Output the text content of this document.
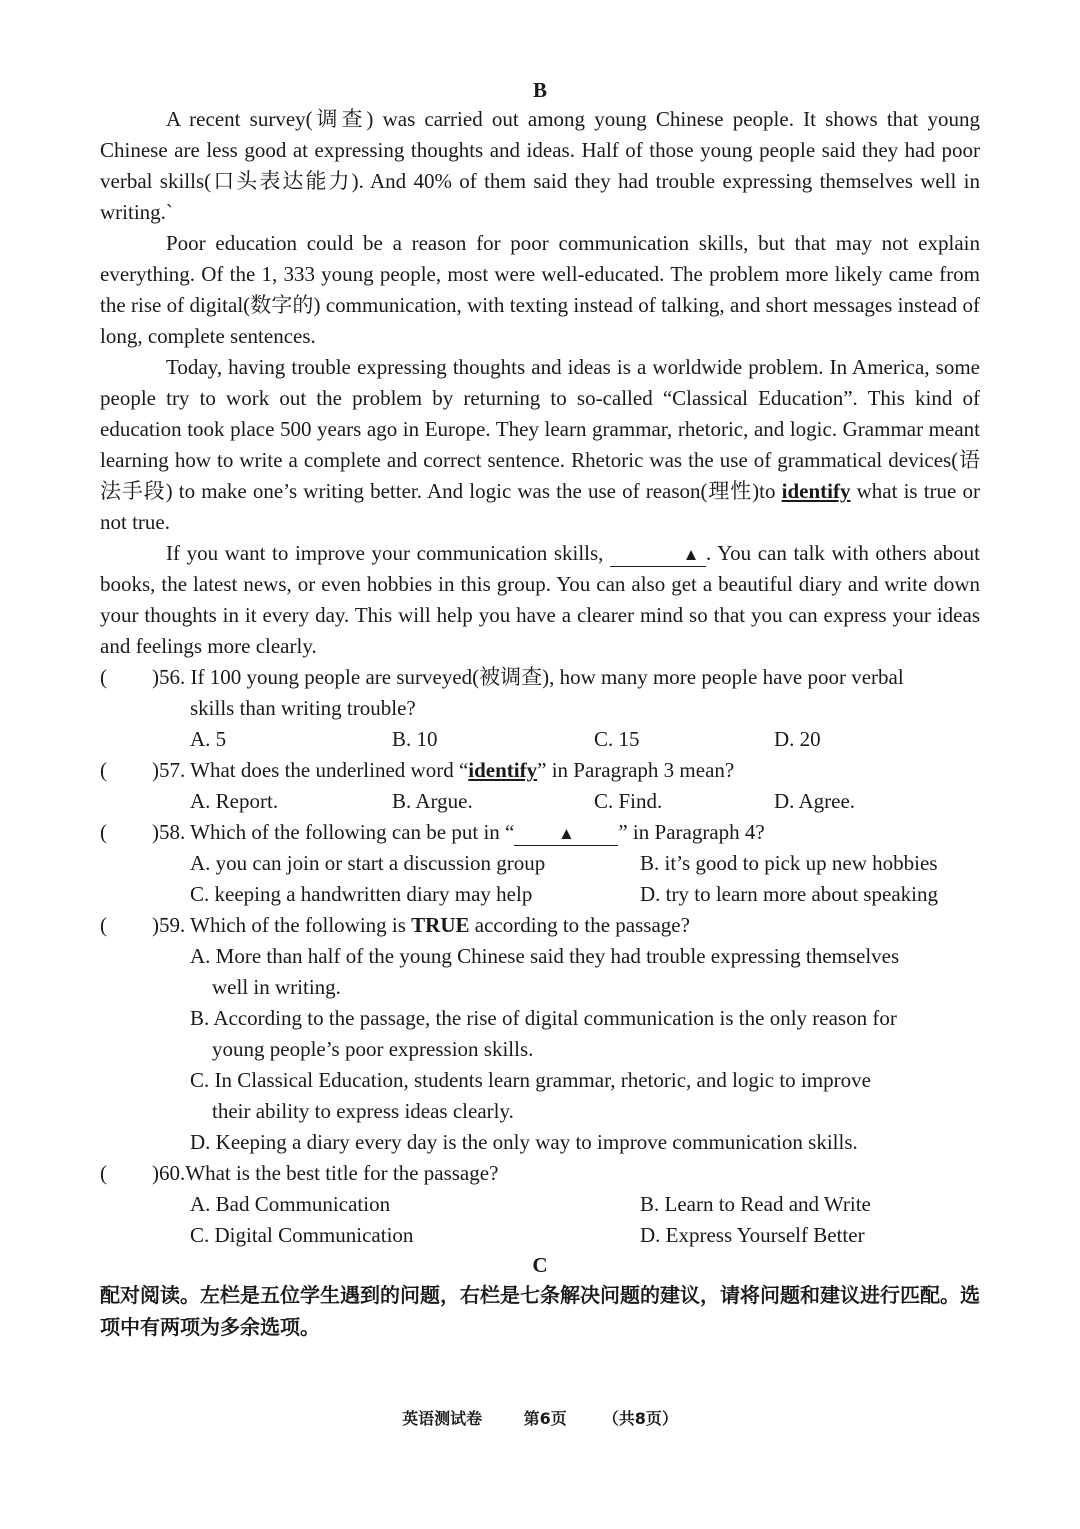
B

A recent survey(调查) was carried out among young Chinese people. It shows that young Chinese are less good at expressing thoughts and ideas. Half of those young people said they had poor verbal skills(口头表达能力). And 40% of them said they had trouble expressing themselves well in writing.`

Poor education could be a reason for poor communication skills, but that may not explain everything. Of the 1, 333 young people, most were well-educated. The problem more likely came from the rise of digital(数字的) communication, with texting instead of talking, and short messages instead of long, complete sentences.

Today, having trouble expressing thoughts and ideas is a worldwide problem. In America, some people try to work out the problem by returning to so-called “Classical Education”. This kind of education took place 500 years ago in Europe. They learn grammar, rhetoric, and logic. Grammar meant learning how to write a complete and correct sentence. Rhetoric was the use of grammatical devices(语法手段) to make one’s writing better. And logic was the use of reason(理性)to identify what is true or not true.

If you want to improve your communication skills,	▲ . You can talk with others about books, the latest news, or even hobbies in this group. You can also get a beautiful diary and write down your thoughts in it every day. This will help you have a clearer mind so that you can express your ideas and feelings more clearly.

(	)56. If 100 young people are surveyed(被调查), how many more people have poor verbal
skills than writing trouble?
A. 5	B. 10	C. 15	D. 20
(	)57. What does the underlined word “identify” in Paragraph 3 mean?
A. Report.	B. Argue.	C. Find.	D. Agree.
(	)58. Which of the following can be put in “	▲ ” in Paragraph 4?
A. you can join or start a discussion group	B. it’s good to pick up new hobbies
C. keeping a handwritten diary may help	D. try to learn more about speaking
(	)59. Which of the following is TRUE according to the passage?
A. More than half of the young Chinese said they had trouble expressing themselves
well in writing.
B. According to the passage, the rise of digital communication is the only reason for
young people’s poor expression skills.
C. In Classical Education, students learn grammar, rhetoric, and logic to improve
their ability to express ideas clearly.
D. Keeping a diary every day is the only way to improve communication skills.
(	)60.What is the best title for the passage?
A. Bad Communication	B. Learn to Read and Write
C. Digital Communication	D. Express Yourself Better

C

配对阅读。左栏是五位学生遇到的问题，右栏是七条解决问题的建议，请将问题和建议进行匹配。选项中有两项为多余选项。

英语测试卷	第6页 （共8页）
